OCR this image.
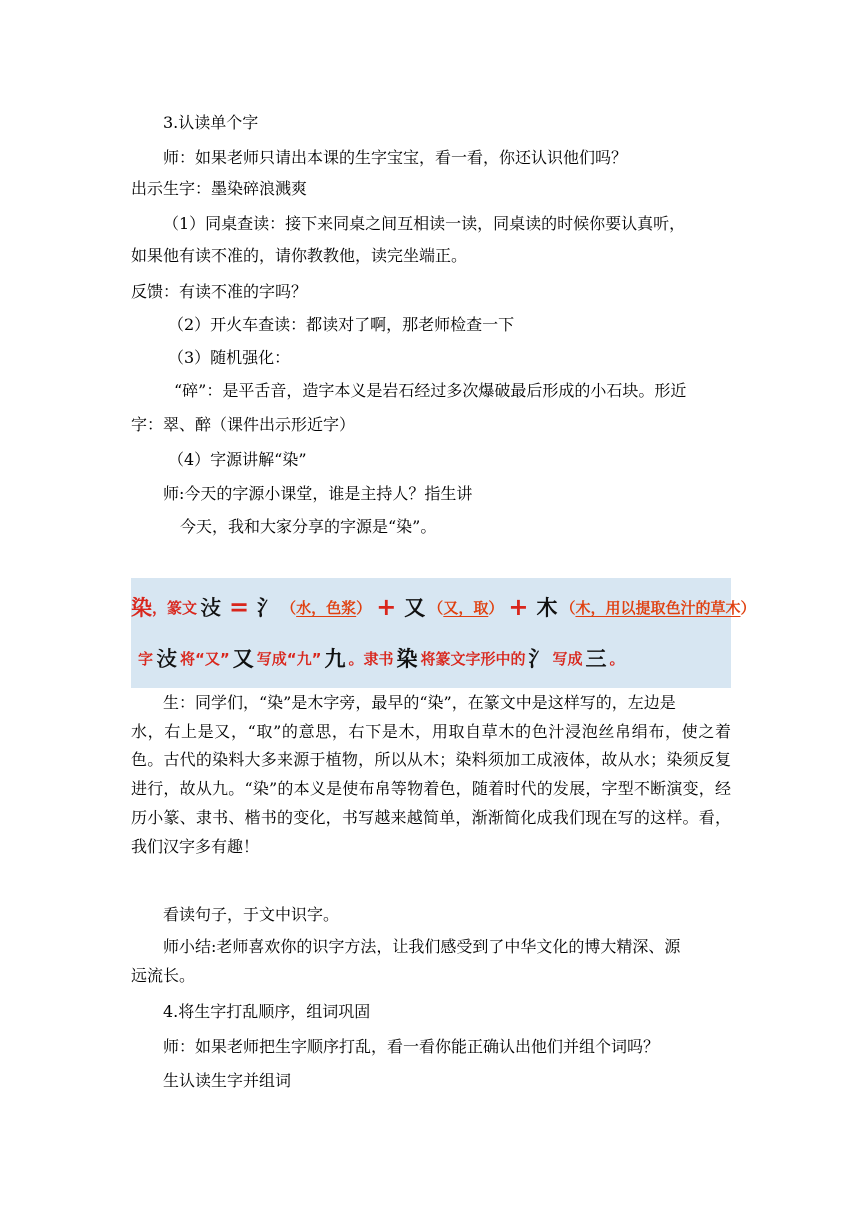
3.认读单个字
师：如果老师只请出本课的生字宝宝，看一看，你还认识他们吗？
出示生字：墨染碎浪溅爽
（1）同桌查读：接下来同桌之间互相读一读，同桌读的时候你要认真听，
如果他有读不准的，请你教教他，读完坐端正。
反馈：有读不准的字吗？
（2）开火车查读：都读对了啊，那老师检查一下
（3）随机强化：
“碎”：是平舌音，造字本义是岩石经过多次爆破最后形成的小石块。形近
字：翠、醉（课件出示形近字）
（4）字源讲解“染”
师:今天的字源小课堂，谁是主持人？指生讲
今天，我和大家分享的字源是“染”。
染 ， 篆文 𣲏 = 氵 （ 水，色浆 ） + 又 （ 又，取 ） + 木 （ 木，用以提取色汁的草木 ）
字 𣲏 将“又” 又 写成“九” 九 。隶书 染 将篆文字形中的 氵 写成 三 。
生：同学们，“染”是木字旁，最早的“染”，在篆文中是这样写的，左边是
水，右上是又，“取”的意思，右下是木，用取自草木的色汁浸泡丝帛绢布，使之着色。古代的染料大多来源于植物，所以从木；染料须加工成液体，故从水；染须反复进行，故从九。“染”的本义是使布帛等物着色，随着时代的发展，字型不断演变，经历小篆、隶书、楷书的变化，书写越来越简单，渐渐简化成我们现在写的这样。看，我们汉字多有趣！
看读句子，于文中识字。
师小结:老师喜欢你的识字方法，让我们感受到了中华文化的博大精深、源
远流长。
4.将生字打乱顺序，组词巩固
师：如果老师把生字顺序打乱，看一看你能正确认出他们并组个词吗？
生认读生字并组词
